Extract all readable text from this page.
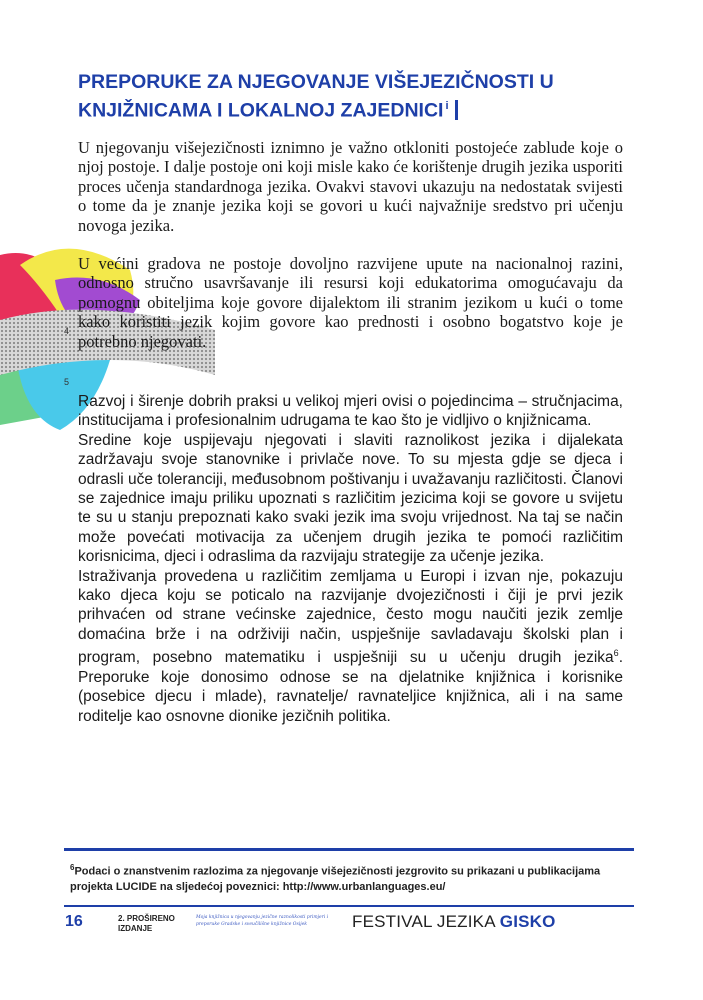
PREPORUKE ZA NJEGOVANJE VIŠEJEZIČNOSTI U KNJIŽNICAMA I LOKALNOJ ZAJEDNICI $^i$

U njegovanju višejezičnosti iznimno je važno otkloniti postojeće zablude koje o njoj postoje. I dalje postoje oni koji misle kako će korištenje drugih jezika usporiti proces učenja standardnoga jezika. Ovakvi stavovi ukazuju na nedostatak svijesti o tome da je znanje jezika koji se govori u kući najvažnije sredstvo pri učenju novoga jezika.

U većini gradova ne postoje dovoljno razvijene upute na nacionalnoj razini, odnosno stručno usavršavanje ili resursi koji edukatorima omogućavaju da pomognu obiteljima koje govore dijalektom ili stranim jezikom u kući o tome kako koristiti jezik kojim govore kao prednosti i osobno bogatstvo koje je potrebno njegovati.

4
5

Razvoj i širenje dobrih praksi u velikoj mjeri ovisi o pojedincima – stručnjacima, institucijama i profesionalnim udrugama te kao što je vidljivo o knjižnicama.

Sredine koje uspijevaju njegovati i slaviti raznolikost jezika i dijalekata zadržavaju svoje stanovnike i privlače nove. To su mjesta gdje se djeca i odrasli uče toleranciji, međusobnom poštivanju i uvažavanju različitosti. Članovi se zajednice imaju priliku upoznati s različitim jezicima koji se govore u svijetu te su u stanju prepoznati kako svaki jezik ima svoju vrijednost. Na taj se način može povećati motivacija za učenjem drugih jezika te pomoći različitim korisnicima, djeci i odraslima da razvijaju strategije za učenje jezika.

Istraživanja provedena u različitim zemljama u Europi i izvan nje, pokazuju kako djeca koju se poticalo na razvijanje dvojezičnosti i čiji je prvi jezik prihvaćen od strane većinske zajednice, često mogu naučiti jezik zemlje domaćina brže i na održiviji način, uspješnije savladavaju školski plan i program, posebno matematiku i uspješniji su u učenju drugih jezika$^6$. Preporuke koje donosimo odnose se na djelatnike knjižnica i korisnike (posebice djecu i mlade), ravnatelje/ ravnateljice knjižnica, ali i na same roditelje kao osnovne dionike jezičnih politika.

$^6$Podaci o znanstvenim razlozima za njegovanje višejezičnosti jezgrovito su prikazani u publikacijama projekta LUCIDE na sljedećoj poveznici: http://www.urbanlanguages.eu/

16	2. PROŠIRENO
IZDANJE
Moja knjižnica u njegovanju jezične raznolikosti primjeri i preporuke Gradske i sveučilišne knjižnice Osijek	FESTIVAL JEZIKA GISKO
